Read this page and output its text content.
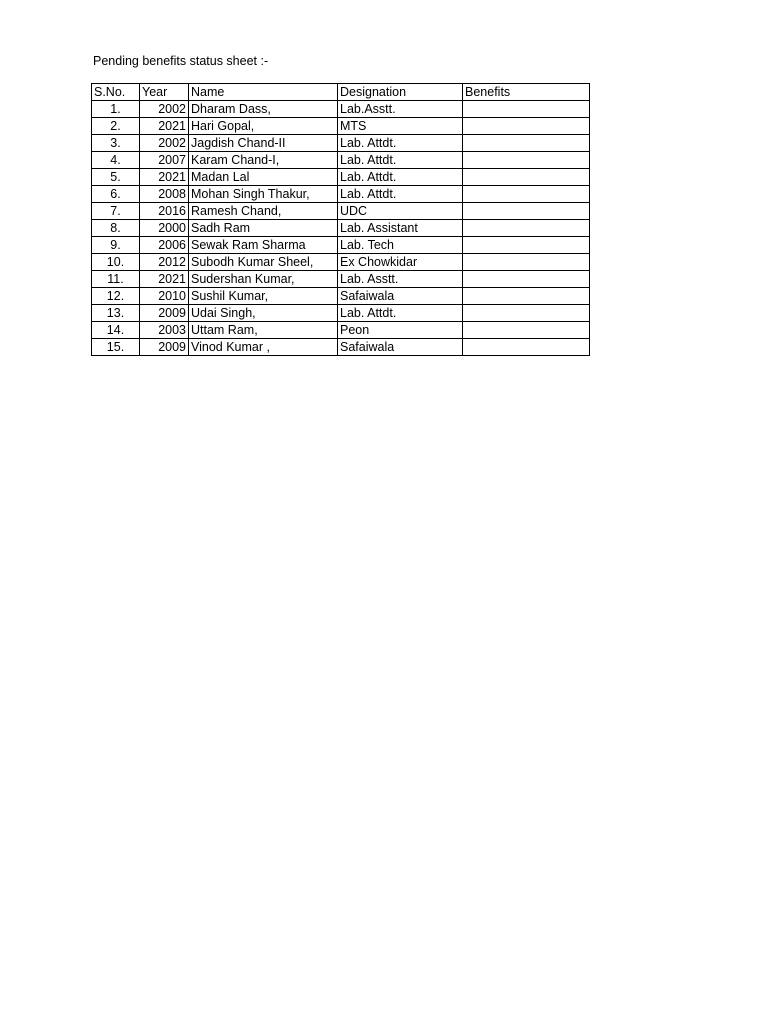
Pending benefits status sheet :-
S.No.	Year	Name	Designation	Benefits
1.	2002	Dharam Dass,	Lab.Asstt.	
2.	2021	Hari Gopal,	MTS	
3.	2002	Jagdish Chand-II	Lab. Attdt.	
4.	2007	Karam Chand-I,	Lab. Attdt.	
5.	2021	Madan Lal	Lab. Attdt.	
6.	2008	Mohan Singh Thakur,	Lab. Attdt.	
7.	2016	Ramesh Chand,	UDC	
8.	2000	Sadh Ram	Lab. Assistant	
9.	2006	Sewak Ram Sharma	Lab. Tech	
10.	2012	Subodh Kumar Sheel,	Ex Chowkidar	
11.	2021	Sudershan Kumar,	Lab. Asstt.	
12.	2010	Sushil Kumar,	Safaiwala	
13.	2009	Udai Singh,	Lab. Attdt.	
14.	2003	Uttam Ram,	Peon	
15.	2009	Vinod Kumar ,	Safaiwala	
